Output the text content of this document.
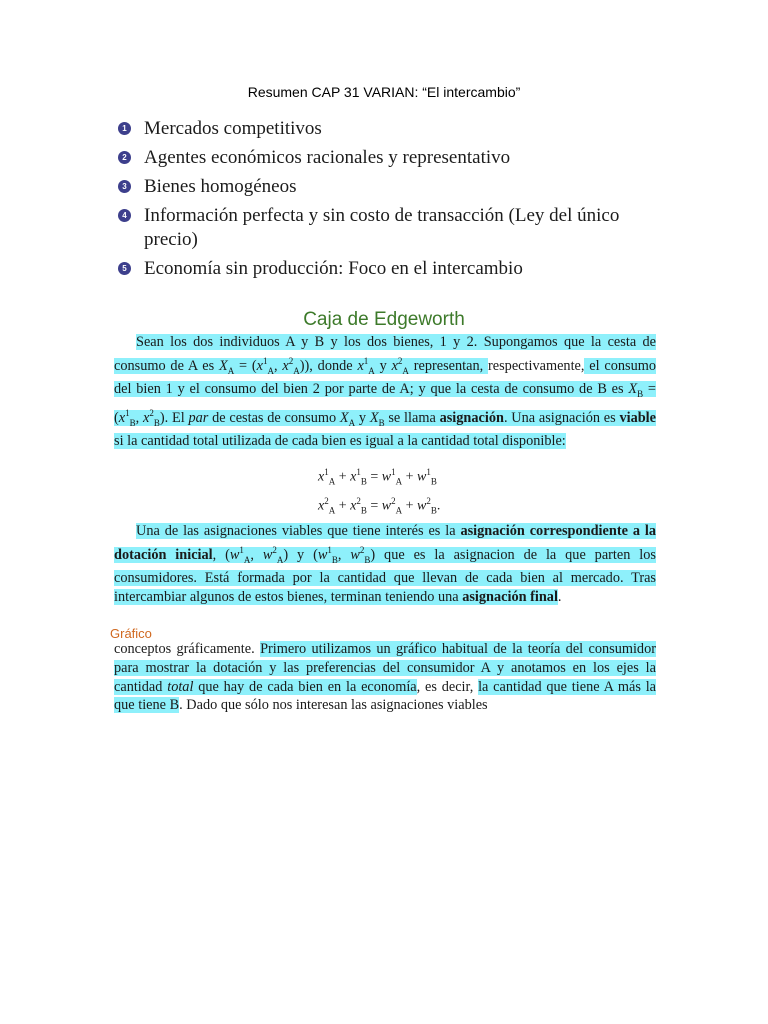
Resumen CAP 31 VARIAN: “El intercambio”
1 Mercados competitivos
2 Agentes económicos racionales y representativo
3 Bienes homogéneos
4 Información perfecta y sin costo de transacción (Ley del único precio)
5 Economía sin producción: Foco en el intercambio
Caja de Edgeworth

Sean los dos individuos A y B y los dos bienes, 1 y 2. Supongamos que la cesta de consumo de A es $X_A = (x^1_A$, $x^2_A$)), donde $x^1_A$ y $x^2_A$ representan, respectivamente, el consumo del bien 1 y el consumo del bien 2 por parte de A; y que la cesta de consumo de B es $X_B = (x^1_B$, $x^2_B$). El par de cestas de consumo $X_A$ y $X_B$ se llama asignación. Una asignación es viable si la cantidad total utilizada de cada bien es igual a la cantidad total disponible:

$x^1_A + x^1_B = w^1_A + w^1_B$
$x^2_A + x^2_B = w^2_A + w^2_B$.

Una de las asignaciones viables que tiene interés es la asignación correspondiente a la dotación inicial, ($w^1_A$, $w^2_A$) y ($w^1_B$, $w^2_B$) que es la asignacion de la que parten los consumidores. Está formada por la cantidad que llevan de cada bien al mercado. Tras intercambiar algunos de estos bienes, terminan teniendo una asignación final.

Gráfico

conceptos gráficamente. Primero utilizamos un gráfico habitual de la teoría del consumidor para mostrar la dotación y las preferencias del consumidor A y anotamos en los ejes la cantidad total que hay de cada bien en la economía, es decir, la cantidad que tiene A más la que tiene B. Dado que sólo nos interesan las asignaciones viables
